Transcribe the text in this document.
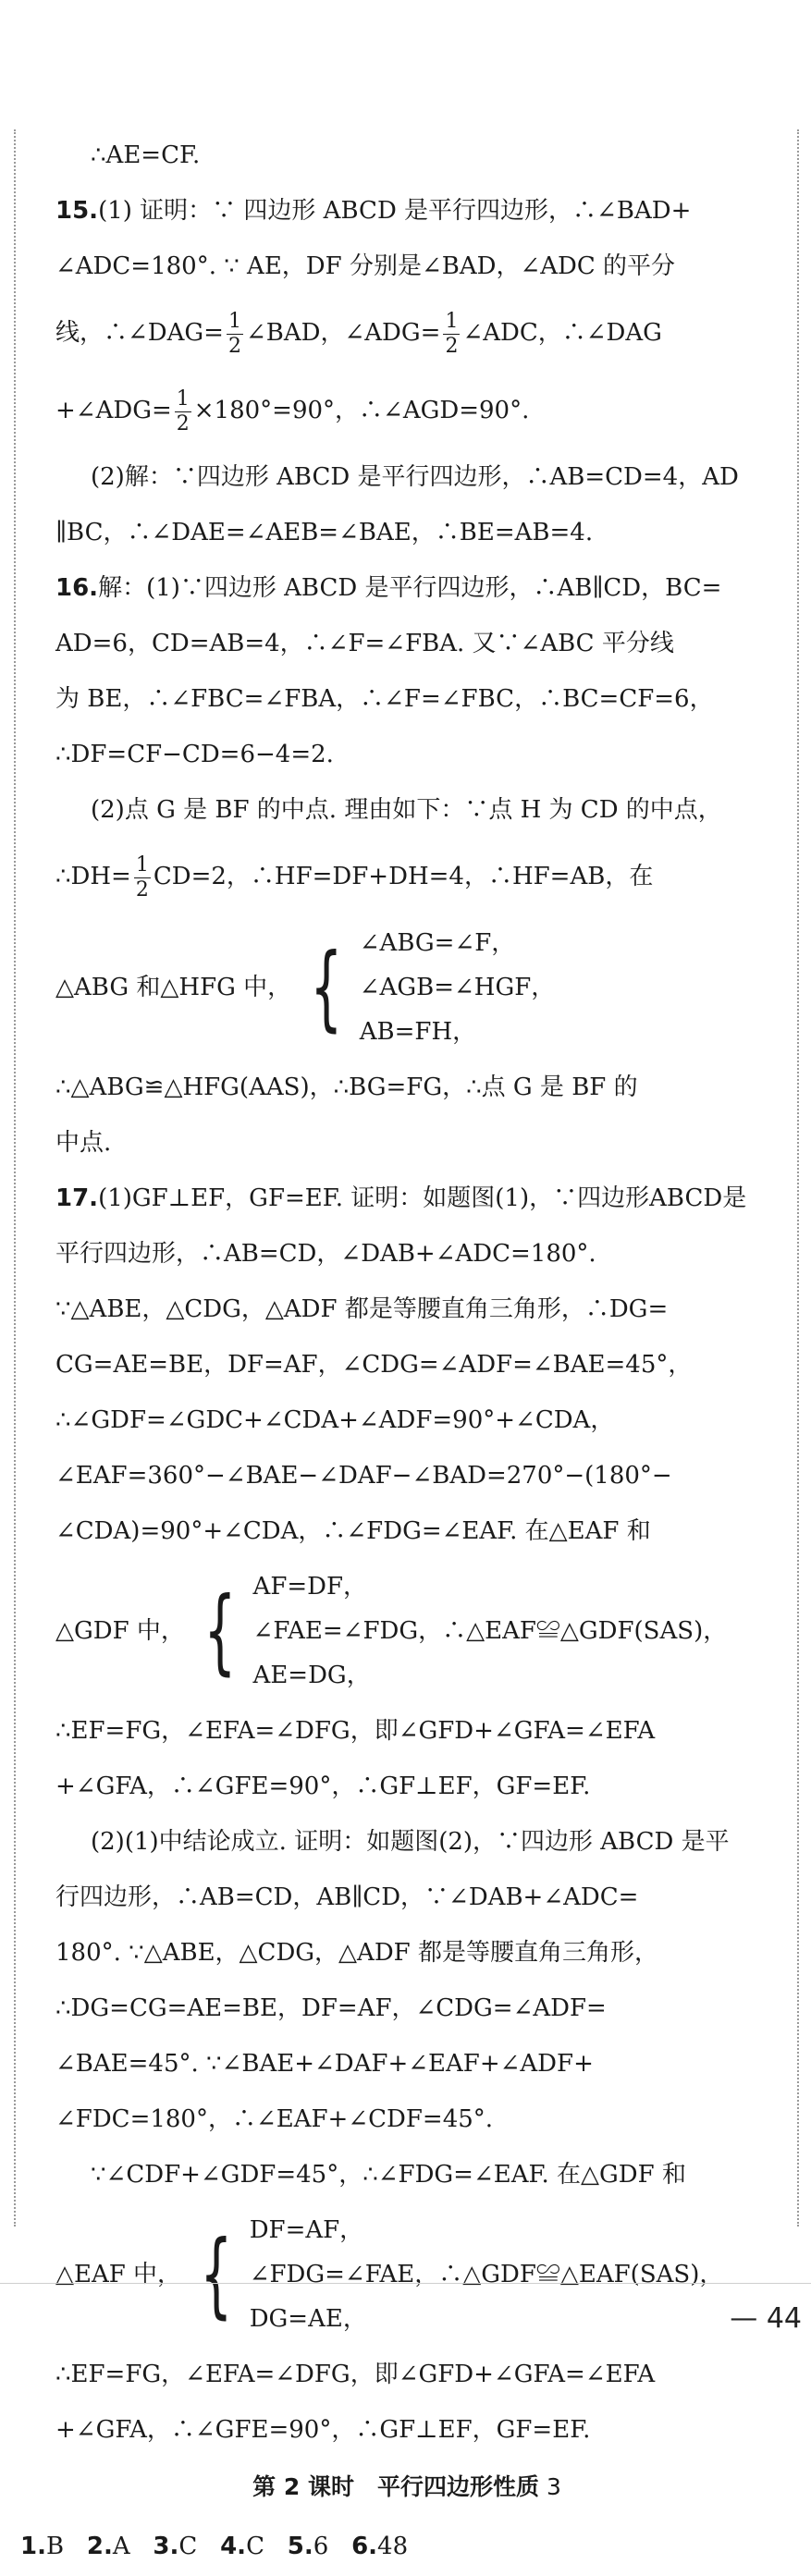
∴AE=CF.
15.(1) 证明：∵ 四边形 ABCD 是平行四边形，∴∠BAD+
∠ADC=180°. ∵ AE，DF 分别是∠BAD，∠ADC 的平分
线，∴∠DAG= $\frac{1}{2}$ ∠BAD，∠ADG= $\frac{1}{2}$ ∠ADC，∴∠DAG
+∠ADG= $\frac{1}{2} \times 180^\circ=90^\circ$，∴∠AGD=90°.
(2)解：∵四边形 ABCD 是平行四边形，∴AB=CD=4，AD
∥BC，∴∠DAE=∠AEB=∠BAE，∴BE=AB=4.
16.解：(1)∵四边形 ABCD 是平行四边形，∴AB∥CD，BC=
AD=6，CD=AB=4，∴∠F=∠FBA. 又∵∠ABC 平分线
为 BE，∴∠FBC=∠FBA，∴∠F=∠FBC，∴BC=CF=6，
∴DF=CF−CD=6−4=2.
(2)点 G 是 BF 的中点. 理由如下：∵点 H 为 CD 的中点，
∴DH= $\frac{1}{2} CD=2$，∴HF=DF+DH=4，∴HF=AB，在
△ABG 和△HFG 中， { ∠ABG=∠F，
∠AGB=∠HGF，
AB=FH，
∴△ABG≌△HFG(AAS)，∴BG=FG，∴点 G 是 BF 的
中点.
17.(1)GF⊥EF，GF=EF. 证明：如题图(1)，∵四边形ABCD是
平行四边形，∴AB=CD，∠DAB+∠ADC=180°.
∵△ABE，△CDG，△ADF 都是等腰直角三角形，∴DG=
CG=AE=BE，DF=AF，∠CDG=∠ADF=∠BAE=45°，
∴∠GDF=∠GDC+∠CDA+∠ADF=90°+∠CDA，
∠EAF=360°−∠BAE−∠DAF−∠BAD=270°−(180°−
∠CDA)=90°+∠CDA，∴∠FDG=∠EAF. 在△EAF 和
△GDF 中， { AF=DF，
∠FAE=∠FDG，∴△EAF≌△GDF(SAS)，
AE=DG，
∴EF=FG，∠EFA=∠DFG，即∠GFD+∠GFA=∠EFA
+∠GFA，∴∠GFE=90°，∴GF⊥EF，GF=EF.
(2)(1)中结论成立. 证明：如题图(2)，∵四边形 ABCD 是平
行四边形，∴AB=CD，AB∥CD，∵∠DAB+∠ADC=
180°. ∵△ABE，△CDG，△ADF 都是等腰直角三角形，
∴DG=CG=AE=BE，DF=AF，∠CDG=∠ADF=
∠BAE=45°. ∵∠BAE+∠DAF+∠EAF+∠ADF+
∠FDC=180°，∴∠EAF+∠CDF=45°.
∵∠CDF+∠GDF=45°，∴∠FDG=∠EAF. 在△GDF 和
△EAF 中， { DF=AF，
∠FDG=∠FAE，∴△GDF≌△EAF(SAS)，
DG=AE，
∴EF=FG，∠EFA=∠DFG，即∠GFD+∠GFA=∠EFA
+∠GFA，∴∠GFE=90°，∴GF⊥EF，GF=EF.
第 2 课时　平行四边形性质 3
1.B 2.A 3.C 4.C 5.6 6.48
— 44
